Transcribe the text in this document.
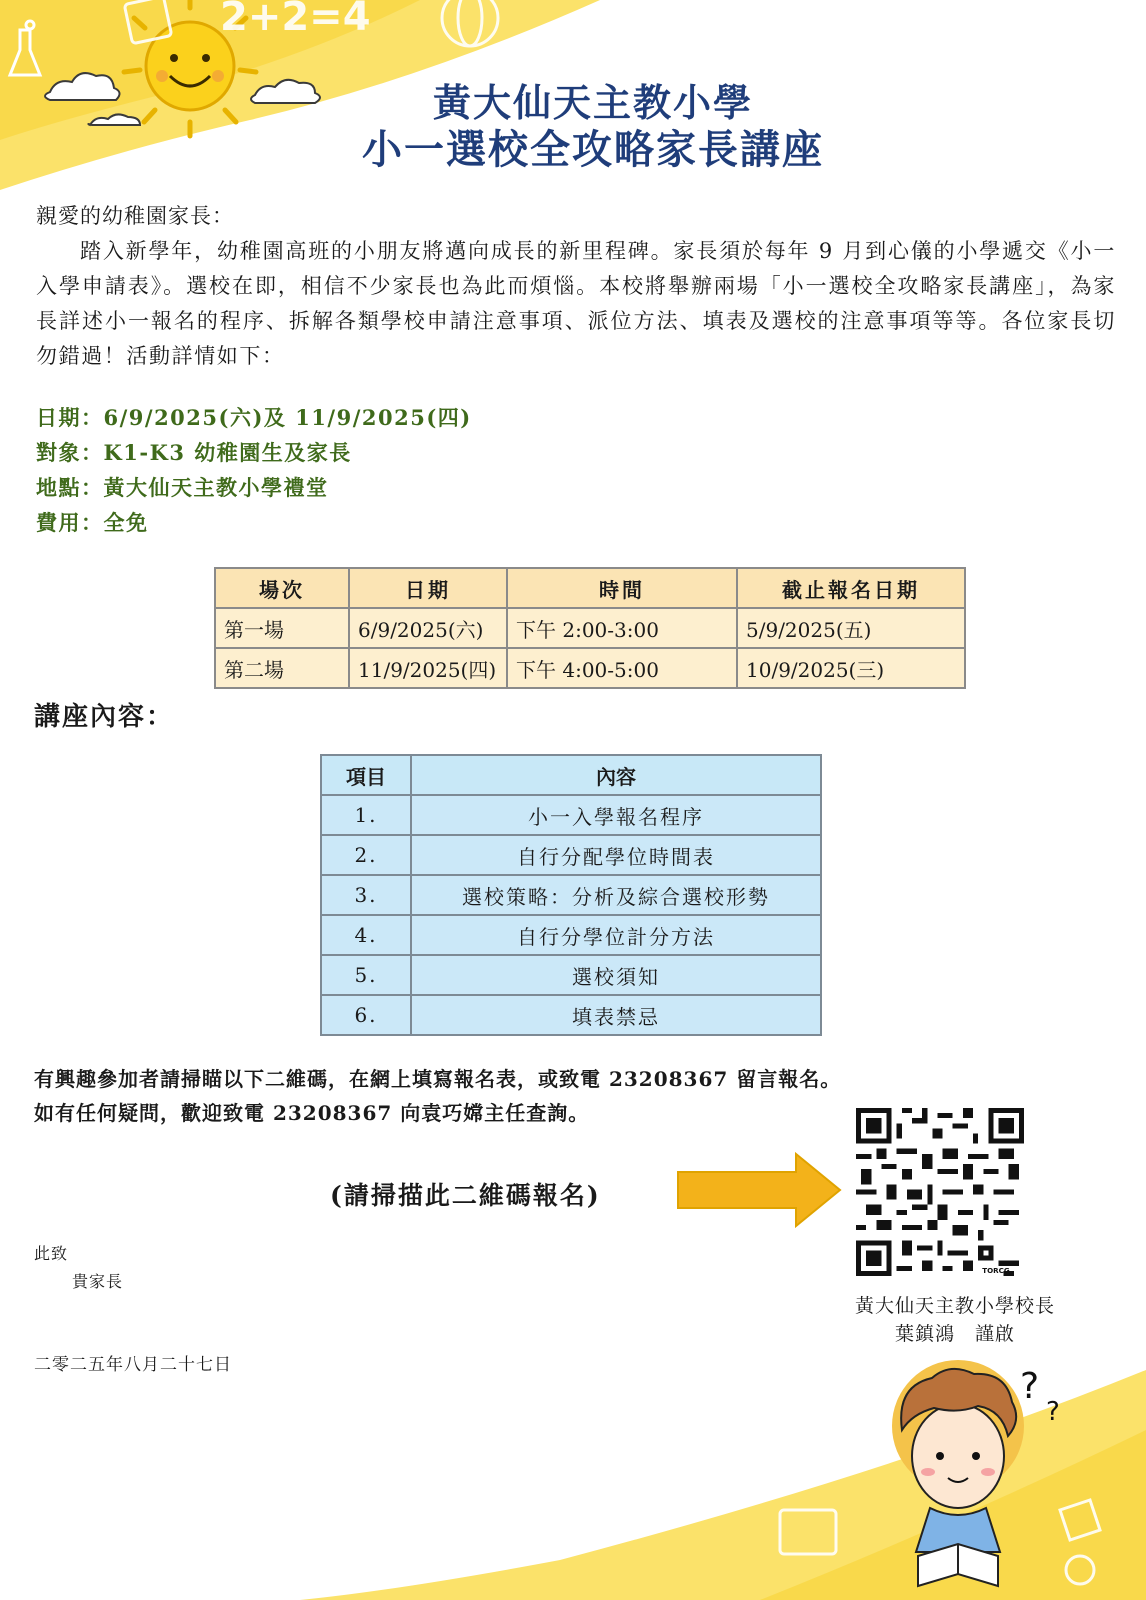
2+2=4
黃大仙天主教小學
小一選校全攻略家長講座
親愛的幼稚園家長：
踏入新學年，幼稚園高班的小朋友將邁向成長的新里程碑。家長須於每年 9 月到心儀的小學遞交《小一入學申請表》。選校在即，相信不少家長也為此而煩惱。本校將舉辦兩場「小一選校全攻略家長講座」，為家長詳述小一報名的程序、拆解各類學校申請注意事項、派位方法、填表及選校的注意事項等等。各位家長切勿錯過！活動詳情如下：
日期：6/9/2025(六)及 11/9/2025(四)
對象：K1-K3 幼稚園生及家長
地點：黃大仙天主教小學禮堂
費用：全免
場次	日期	時間	截止報名日期
第一場	6/9/2025(六)	下午 2:00-3:00	5/9/2025(五)
第二場	11/9/2025(四)	下午 4:00-5:00	10/9/2025(三)
講座內容：
項目	內容
1.	小一入學報名程序
2.	自行分配學位時間表
3.	選校策略：分析及綜合選校形勢
4.	自行分學位計分方法
5.	選校須知
6.	填表禁忌
有興趣參加者請掃瞄以下二維碼，在網上填寫報名表，或致電 23208367 留言報名。
如有任何疑問，歡迎致電 23208367 向袁巧嫦主任查詢。
(請掃描此二維碼報名)
TORCG
此致
貴家長
黃大仙天主教小學校長
葉鎮鴻　謹啟
二零二五年八月二十七日
?
?
